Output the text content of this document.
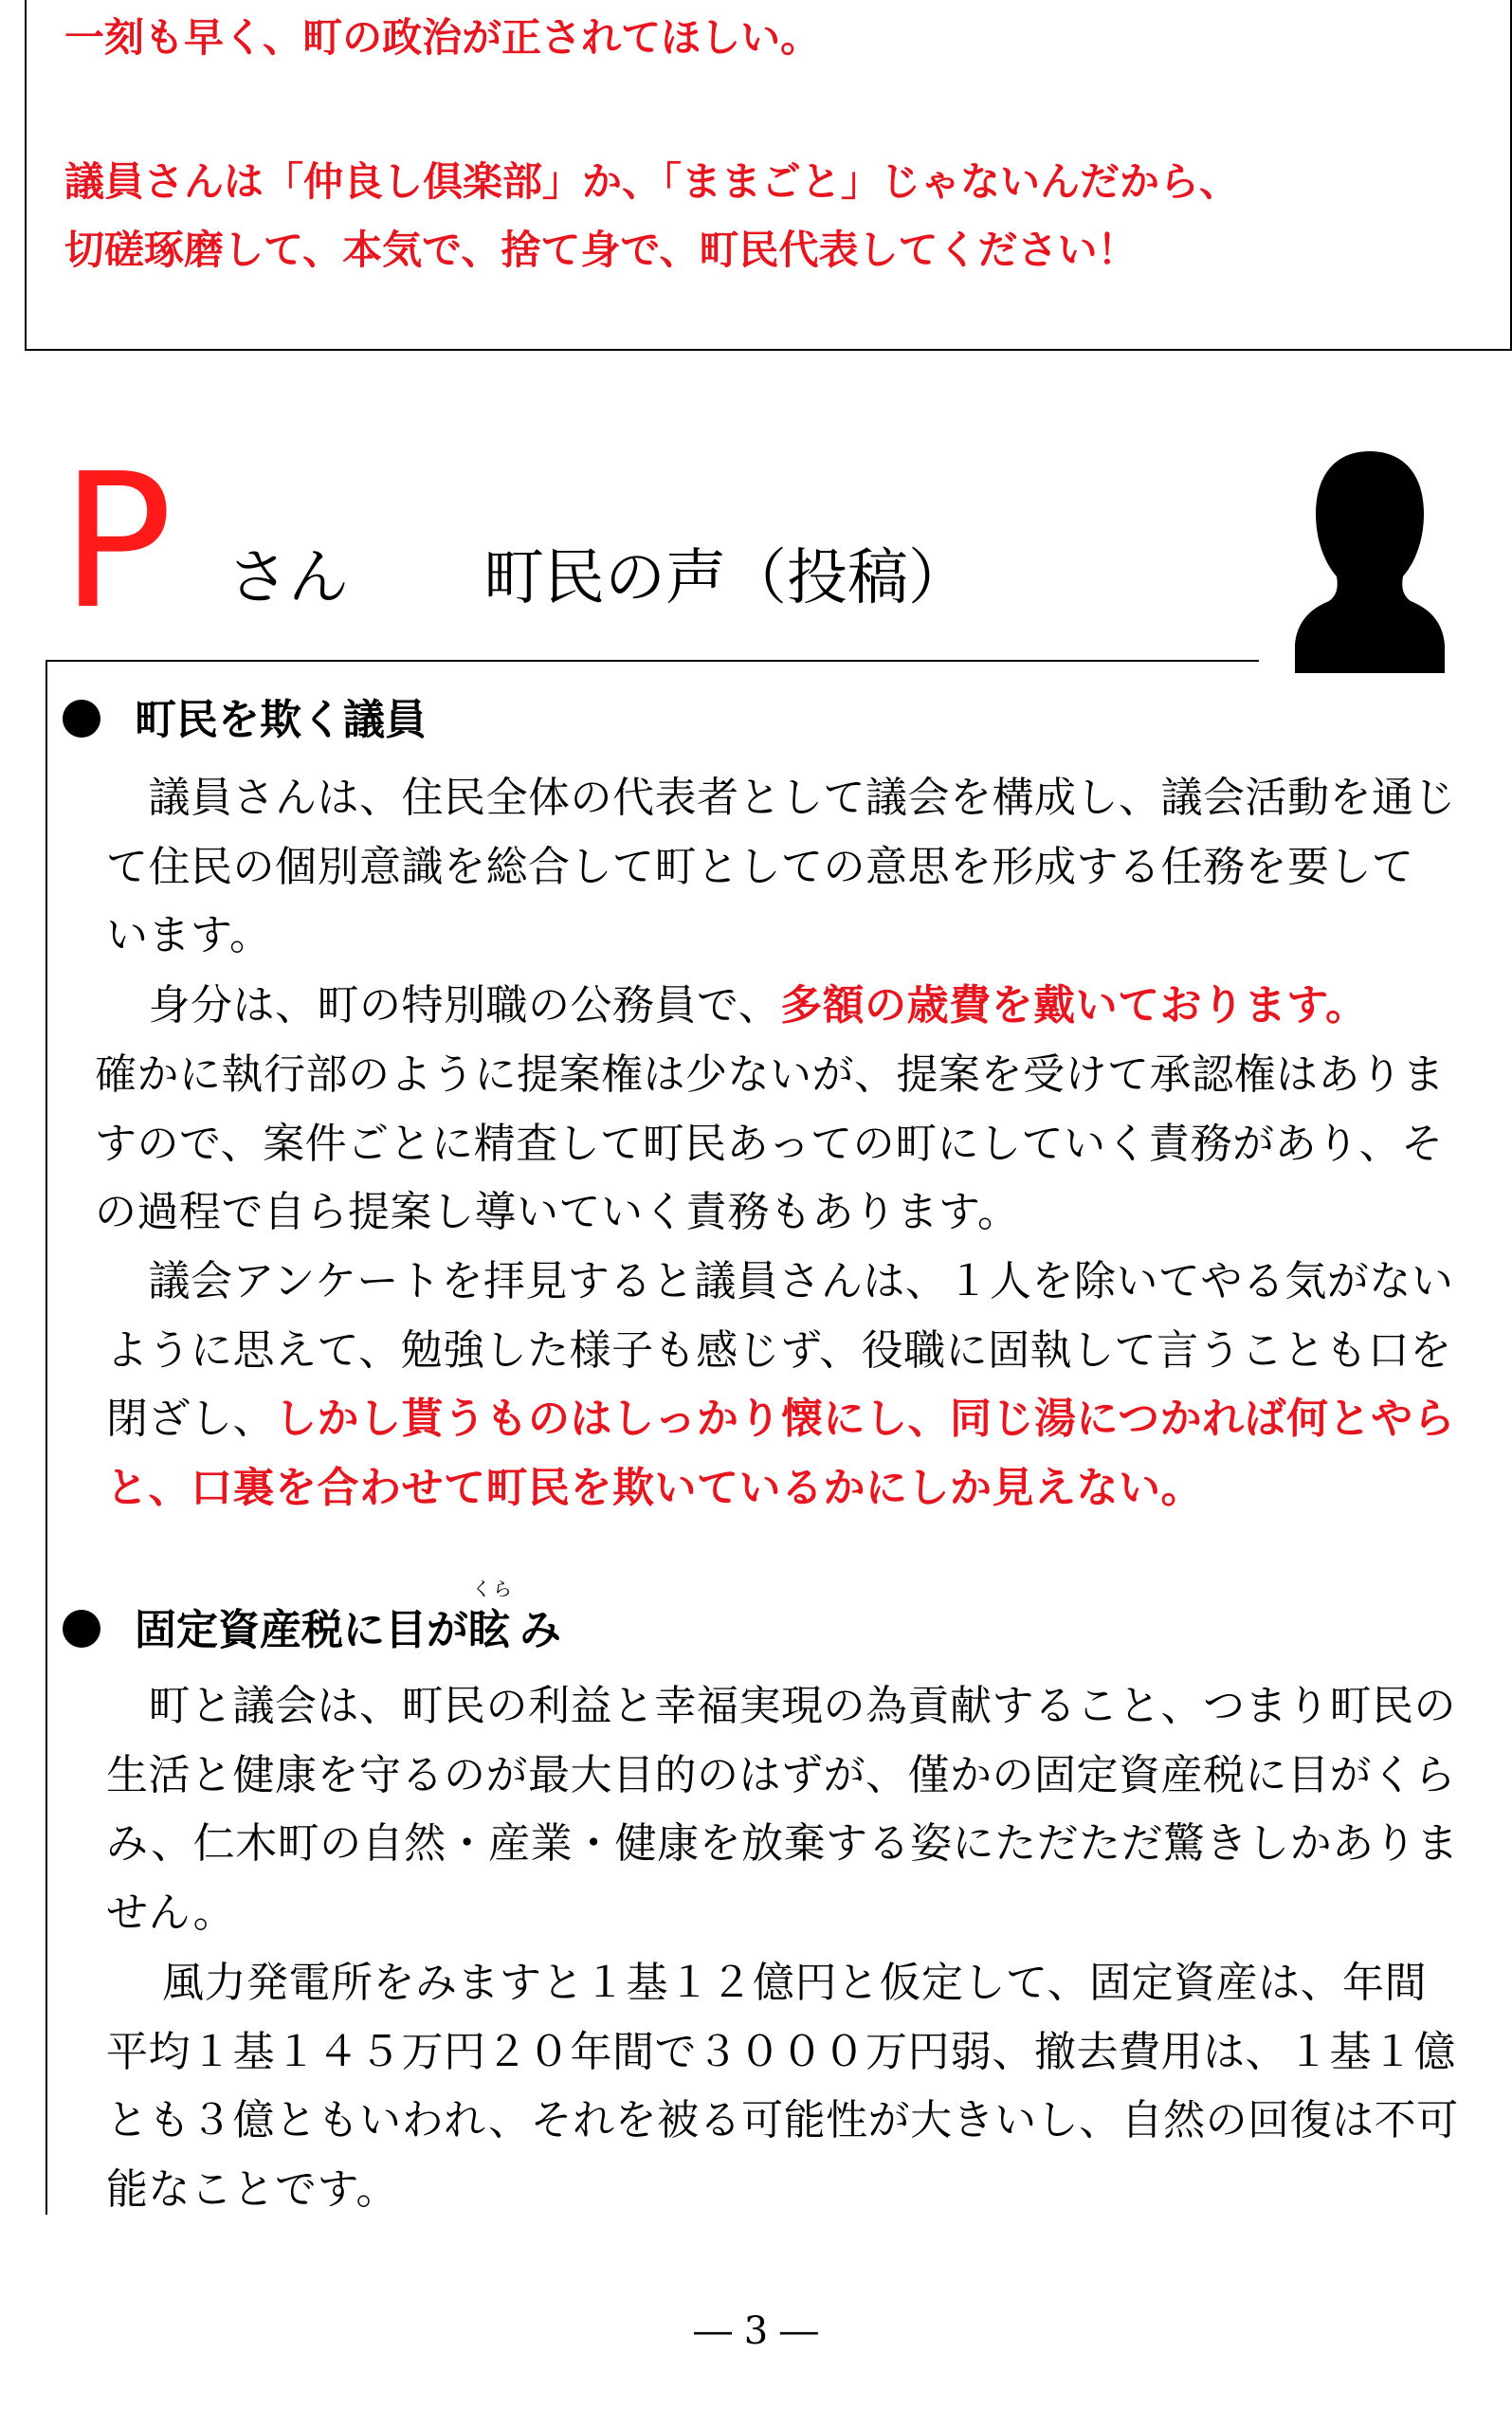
一刻も早く、町の政治が正されてほしい。
議員さんは「仲良し倶楽部」か、「ままごと」じゃないんだから、
切磋琢磨して、本気で、捨て身で、町民代表してください！
P さん 町民の声（投稿）
町民を欺く議員
　議員さんは、住民全体の代表者として議会を構成し、議会活動を通じ
て住民の個別意識を総合して町としての意思を形成する任務を要して
います。
　身分は、町の特別職の公務員で、多額の歳費を戴いております。
確かに執行部のように提案権は少ないが、提案を受けて承認権はありま
すので、案件ごとに精査して町民あっての町にしていく責務があり、そ
の過程で自ら提案し導いていく責務もあります。
　議会アンケートを拝見すると議員さんは、１人を除いてやる気がない
ように思えて、勉強した様子も感じず、役職に固執して言うことも口を
閉ざし、しかし貰うものはしっかり懐にし、同じ湯につかれば何とやら
と、口裏を合わせて町民を欺いているかにしか見えない。
固定資産税に目が
くら
眩 み
　町と議会は、町民の利益と幸福実現の為貢献すること、つまり町民の
生活と健康を守るのが最大目的のはずが、僅かの固定資産税に目がくら
み、仁木町の自然・産業・健康を放棄する姿にただただ驚きしかありま
せん。
　 風力発電所をみますと１基１２億円と仮定して、固定資産は、年間
平均１基１４５万円２０年間で３０００万円弱、撤去費用は、１基１億
とも３億ともいわれ、それを被る可能性が大きいし、自然の回復は不可
能なことです。
― 3 ―
